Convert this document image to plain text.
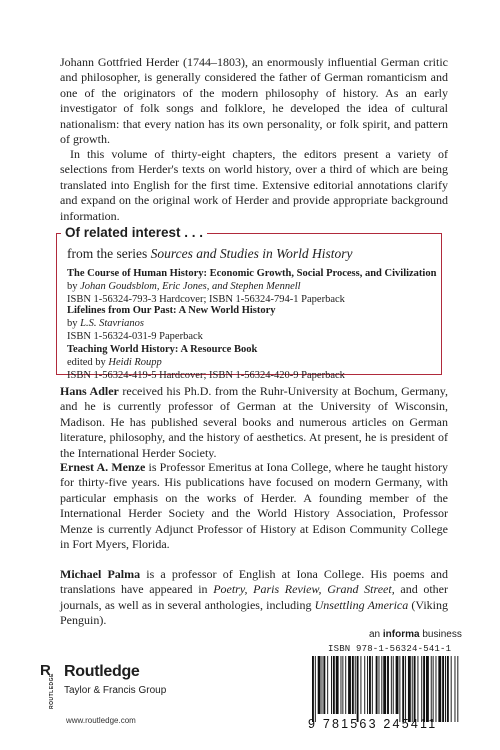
Johann Gottfried Herder (1744–1803), an enormously influential German critic and philosopher, is generally considered the father of German romanticism and one of the originators of the modern philosophy of history. As an early investigator of folk songs and folklore, he developed the idea of cultural nationalism: that every nation has its own personality, or folk spirit, and pattern of growth.

In this volume of thirty-eight chapters, the editors present a variety of selections from Herder's texts on world history, over a third of which are being translated into English for the first time. Extensive editorial annotations clarify and expand on the original work of Herder and provide appropriate background information.

Of related interest . . .
from the series Sources and Studies in World History
The Course of Human History: Economic Growth, Social Process, and Civilization
by Johan Goudsblom, Eric Jones, and Stephen Mennell
ISBN 1-56324-793-3 Hardcover; ISBN 1-56324-794-1 Paperback
Lifelines from Our Past: A New World History
by L.S. Stavrianos
ISBN 1-56324-031-9 Paperback
Teaching World History: A Resource Book
edited by Heidi Roupp
ISBN 1-56324-419-5 Hardcover; ISBN 1-56324-420-9 Paperback

Hans Adler received his Ph.D. from the Ruhr-University at Bochum, Germany, and he is currently professor of German at the University of Wisconsin, Madison. He has published several books and numerous articles on German literature, philosophy, and the history of aesthetics. At present, he is president of the International Herder Society.

Ernest A. Menze is Professor Emeritus at Iona College, where he taught history for thirty-five years. His publications have focused on modern Germany, with particular emphasis on the works of Herder. A founding member of the International Herder Society and the World History Association, Professor Menze is currently Adjunct Professor of History at Edison Community College in Fort Myers, Florida.

Michael Palma is a professor of English at Iona College. His poems and translations have appeared in Poetry, Paris Review, Grand Street, and other journals, as well as in several anthologies, including Unsettling America (Viking Penguin).

R
ROUTLEDGE
Routledge
Taylor & Francis Group
www.routledge.com
an informa business
ISBN 978-1-56324-541-1
9 781563 245411
